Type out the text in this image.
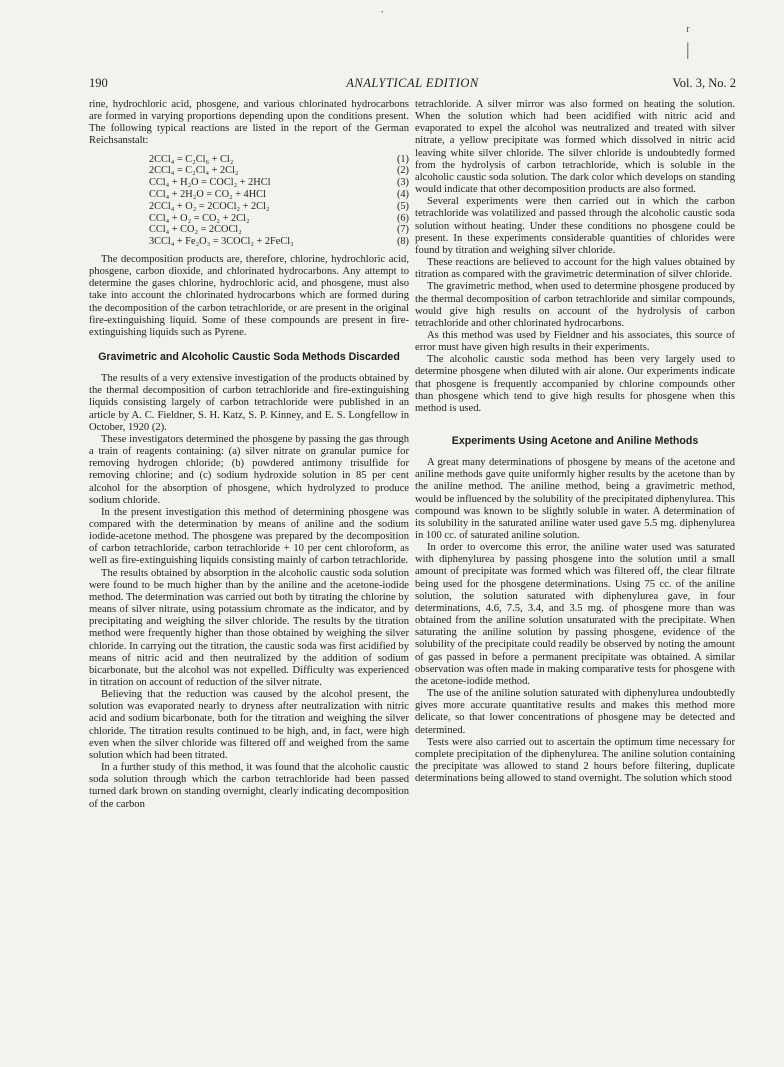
·
ʳ
|
190	ANALYTICAL EDITION	Vol. 3, No. 2

rine, hydrochloric acid, phosgene, and various chlorinated hydrocarbons are formed in varying proportions depending upon the conditions present. The following typical reactions are listed in the report of the German Reichsanstalt:

2CCl₄ = C₂Cl₆ + Cl₂	(1)
2CCl₄ = C₂Cl₄ + 2Cl₂	(2)
CCl₄ + H₂O = COCl₂ + 2HCl	(3)
CCl₄ + 2H₂O = CO₂ + 4HCl	(4)
2CCl₄ + O₂ = 2COCl₂ + 2Cl₂	(5)
CCl₄ + O₂ = CO₂ + 2Cl₂	(6)
CCl₄ + CO₂ = 2COCl₂	(7)
3CCl₄ + Fe₂O₃ = 3COCl₂ + 2FeCl₃	(8)

The decomposition products are, therefore, chlorine, hydrochloric acid, phosgene, carbon dioxide, and chlorinated hydrocarbons. Any attempt to determine the gases chlorine, hydrochloric acid, and phosgene, must also take into account the chlorinated hydrocarbons which are formed during the decomposition of the carbon tetrachloride, or are present in the original fire-extinguishing liquid. Some of these compounds are present in fire-extinguishing liquids such as Pyrene.

Gravimetric and Alcoholic Caustic Soda Methods Discarded

The results of a very extensive investigation of the products obtained by the thermal decomposition of carbon tetrachloride and fire-extinguishing liquids consisting largely of carbon tetrachloride were published in an article by A. C. Fieldner, S. H. Katz, S. P. Kinney, and E. S. Longfellow in October, 1920 (2).

These investigators determined the phosgene by passing the gas through a train of reagents containing: (a) silver nitrate on granular pumice for removing hydrogen chloride; (b) powdered antimony trisulfide for removing chlorine; and (c) sodium hydroxide solution in 85 per cent alcohol for the absorption of phosgene, which hydrolyzed to produce sodium chloride.

In the present investigation this method of determining phosgene was compared with the determination by means of aniline and the sodium iodide-acetone method. The phosgene was prepared by the decomposition of carbon tetrachloride, carbon tetrachloride + 10 per cent chloroform, as well as fire-extinguishing liquids consisting mainly of carbon tetrachloride.

The results obtained by absorption in the alcoholic caustic soda solution were found to be much higher than by the aniline and the acetone-iodide method. The determination was carried out both by titrating the chlorine by means of silver nitrate, using potassium chromate as the indicator, and by precipitating and weighing the silver chloride. The results by the titration method were frequently higher than those obtained by weighing the silver chloride. In carrying out the titration, the caustic soda was first acidified by means of nitric acid and then neutralized by the addition of sodium bicarbonate, but the alcohol was not expelled. Difficulty was experienced in titration on account of reduction of the silver nitrate.

Believing that the reduction was caused by the alcohol present, the solution was evaporated nearly to dryness after neutralization with nitric acid and sodium bicarbonate, both for the titration and weighing the silver chloride. The titration results continued to be high, and, in fact, were high even when the silver chloride was filtered off and weighed from the same solution which had been titrated.

In a further study of this method, it was found that the alcoholic caustic soda solution through which the carbon tetrachloride had been passed turned dark brown on standing overnight, clearly indicating decomposition of the carbon

tetrachloride. A silver mirror was also formed on heating the solution. When the solution which had been acidified with nitric acid and evaporated to expel the alcohol was neutralized and treated with silver nitrate, a yellow precipitate was formed which dissolved in nitric acid leaving white silver chloride. The silver chloride is undoubtedly formed from the hydrolysis of carbon tetrachloride, which is soluble in the alcoholic caustic soda solution. The dark color which develops on standing would indicate that other decomposition products are also formed.

Several experiments were then carried out in which the carbon tetrachloride was volatilized and passed through the alcoholic caustic soda solution without heating. Under these conditions no phosgene could be present. In these experiments considerable quantities of chlorides were found by titration and weighing silver chloride.

These reactions are believed to account for the high values obtained by titration as compared with the gravimetric determination of silver chloride.

The gravimetric method, when used to determine phosgene produced by the thermal decomposition of carbon tetrachloride and similar compounds, would give high results on account of the hydrolysis of carbon tetrachloride and other chlorinated hydrocarbons.

As this method was used by Fieldner and his associates, this source of error must have given high results in their experiments.

The alcoholic caustic soda method has been very largely used to determine phosgene when diluted with air alone. Our experiments indicate that phosgene is frequently accompanied by chlorine compounds other than phosgene which tend to give high results for phosgene when this method is used.

Experiments Using Acetone and Aniline Methods

A great many determinations of phosgene by means of the acetone and aniline methods gave quite uniformly higher results by the acetone than by the aniline method. The aniline method, being a gravimetric method, would be influenced by the solubility of the precipitated diphenylurea. This compound was known to be slightly soluble in water. A determination of its solubility in the saturated aniline water used gave 5.5 mg. diphenylurea in 100 cc. of saturated aniline solution.

In order to overcome this error, the aniline water used was saturated with diphenylurea by passing phosgene into the solution until a small amount of precipitate was formed which was filtered off, the clear filtrate being used for the phosgene determinations. Using 75 cc. of the aniline solution, the solution saturated with diphenylurea gave, in four determinations, 4.6, 7.5, 3.4, and 3.5 mg. of phosgene more than was obtained from the aniline solution unsaturated with the precipitate. When saturating the aniline solution by passing phosgene, evidence of the solubility of the precipitate could readily be observed by noting the amount of gas passed in before a permanent precipitate was obtained. A similar observation was often made in making comparative tests for phosgene with the acetone-iodide method.

The use of the aniline solution saturated with diphenylurea undoubtedly gives more accurate quantitative results and makes this method more delicate, so that lower concentrations of phosgene may be detected and determined.

Tests were also carried out to ascertain the optimum time necessary for complete precipitation of the diphenylurea. The aniline solution containing the precipitate was allowed to stand 2 hours before filtering, duplicate determinations being allowed to stand overnight. The solution which stood
